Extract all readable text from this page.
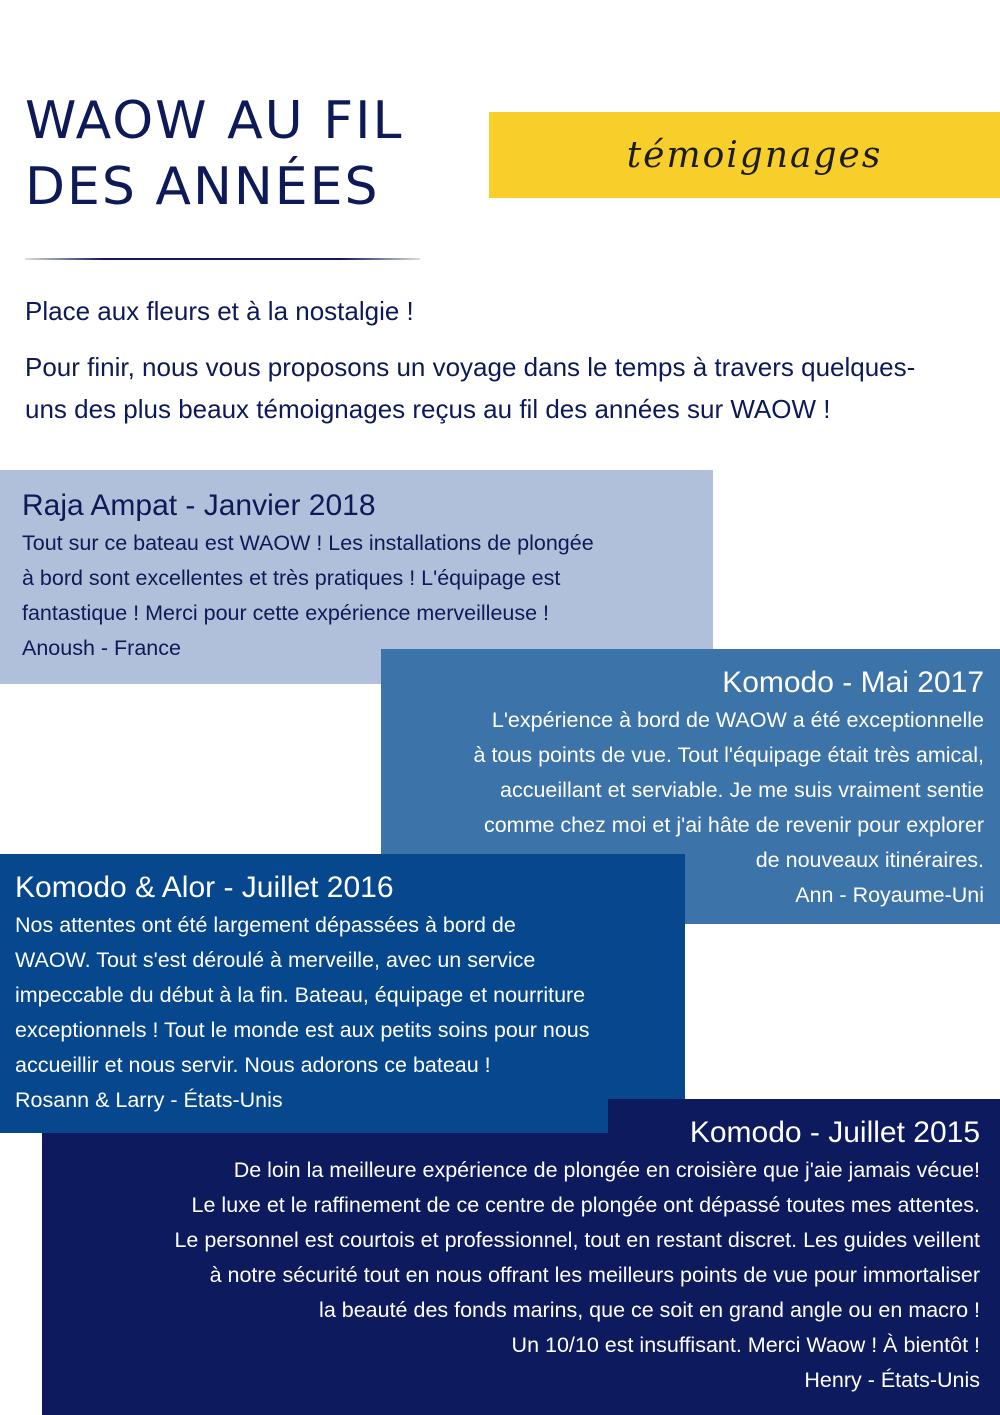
WAOW AU FIL
DES ANNÉES
témoignages

Place aux fleurs et à la nostalgie !

Pour finir, nous vous proposons un voyage dans le temps à travers quelques-uns des plus beaux témoignages reçus au fil des années sur WAOW !

Raja Ampat - Janvier 2018

Tout sur ce bateau est WAOW ! Les installations de plongée

à bord sont excellentes et très pratiques ! L'équipage est

fantastique ! Merci pour cette expérience merveilleuse !

Anoush - France

Komodo - Mai 2017

L'expérience à bord de WAOW a été exceptionnelle

à tous points de vue. Tout l'équipage était très amical,

accueillant et serviable. Je me suis vraiment sentie

comme chez moi et j'ai hâte de revenir pour explorer

de nouveaux itinéraires.

Ann - Royaume-Uni

Komodo & Alor - Juillet 2016

Nos attentes ont été largement dépassées à bord de

WAOW. Tout s'est déroulé à merveille, avec un service

impeccable du début à la fin. Bateau, équipage et nourriture

exceptionnels ! Tout le monde est aux petits soins pour nous

accueillir et nous servir. Nous adorons ce bateau !

Rosann & Larry - États-Unis

Komodo - Juillet 2015

De loin la meilleure expérience de plongée en croisière que j'aie jamais vécue!

Le luxe et le raffinement de ce centre de plongée ont dépassé toutes mes attentes.

Le personnel est courtois et professionnel, tout en restant discret. Les guides veillent

à notre sécurité tout en nous offrant les meilleurs points de vue pour immortaliser

la beauté des fonds marins, que ce soit en grand angle ou en macro !

Un 10/10 est insuffisant. Merci Waow ! À bientôt !

Henry - États-Unis
